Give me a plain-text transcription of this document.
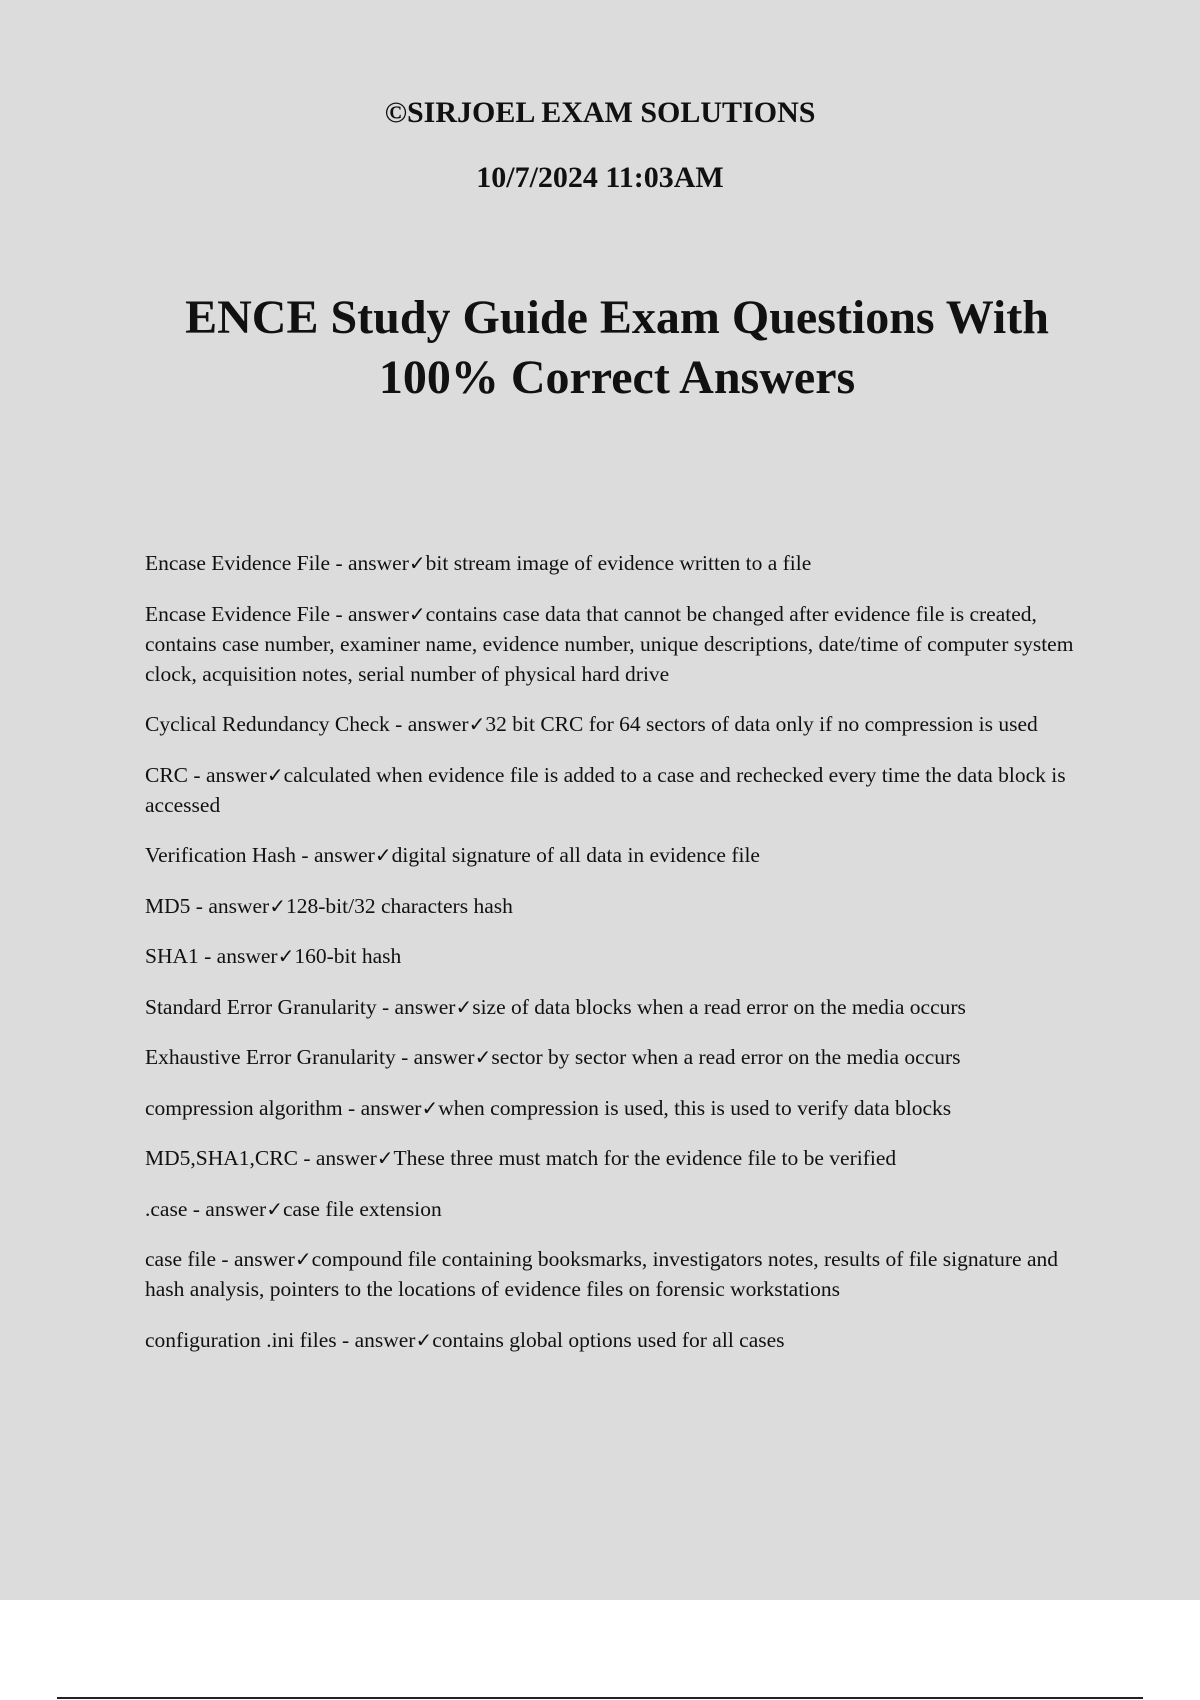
©SIRJOEL EXAM SOLUTIONS
10/7/2024 11:03AM
ENCE Study Guide Exam Questions With
100% Correct Answers
Encase Evidence File - answer✓bit stream image of evidence written to a file
Encase Evidence File - answer✓contains case data that cannot be changed after evidence file is created, contains case number, examiner name, evidence number, unique descriptions, date/time of computer system clock, acquisition notes, serial number of physical hard drive
Cyclical Redundancy Check - answer✓32 bit CRC for 64 sectors of data only if no compression is used
CRC - answer✓calculated when evidence file is added to a case and rechecked every time the data block is accessed
Verification Hash - answer✓digital signature of all data in evidence file
MD5 - answer✓128-bit/32 characters hash
SHA1 - answer✓160-bit hash
Standard Error Granularity - answer✓size of data blocks when a read error on the media occurs
Exhaustive Error Granularity - answer✓sector by sector when a read error on the media occurs
compression algorithm - answer✓when compression is used, this is used to verify data blocks
MD5,SHA1,CRC - answer✓These three must match for the evidence file to be verified
.case - answer✓case file extension
case file - answer✓compound file containing booksmarks, investigators notes, results of file signature and hash analysis, pointers to the locations of evidence files on forensic workstations
configuration .ini files - answer✓contains global options used for all cases
